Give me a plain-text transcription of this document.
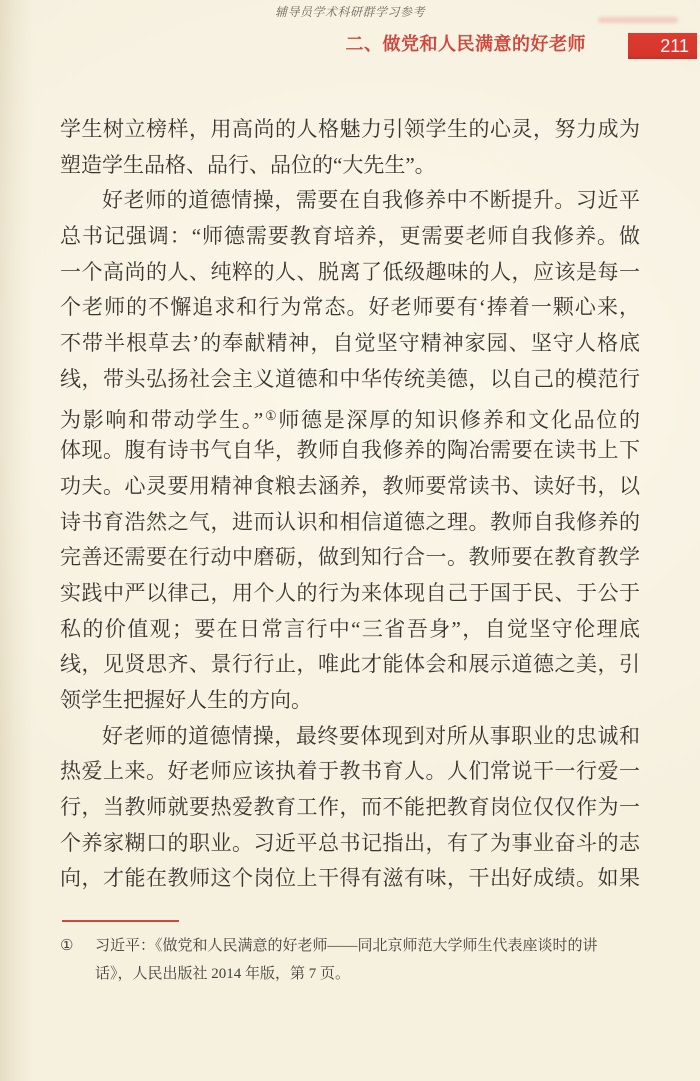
辅导员学术科研群学习参考
二、做党和人民满意的好老师	211
学生树立榜样，用高尚的人格魅力引领学生的心灵，努力成为
塑造学生品格、品行、品位的“大先生”。
好老师的道德情操，需要在自我修养中不断提升。习近平
总书记强调：“师德需要教育培养，更需要老师自我修养。做
一个高尚的人、纯粹的人、脱离了低级趣味的人，应该是每一
个老师的不懈追求和行为常态。好老师要有‘捧着一颗心来，
不带半根草去’的奉献精神，自觉坚守精神家园、坚守人格底
线，带头弘扬社会主义道德和中华传统美德，以自己的模范行
为影响和带动学生。”①师德是深厚的知识修养和文化品位的
体现。腹有诗书气自华，教师自我修养的陶冶需要在读书上下
功夫。心灵要用精神食粮去涵养，教师要常读书、读好书，以
诗书育浩然之气，进而认识和相信道德之理。教师自我修养的
完善还需要在行动中磨砺，做到知行合一。教师要在教育教学
实践中严以律己，用个人的行为来体现自己于国于民、于公于
私的价值观；要在日常言行中“三省吾身”，自觉坚守伦理底
线，见贤思齐、景行行止，唯此才能体会和展示道德之美，引
领学生把握好人生的方向。
好老师的道德情操，最终要体现到对所从事职业的忠诚和
热爱上来。好老师应该执着于教书育人。人们常说干一行爱一
行，当教师就要热爱教育工作，而不能把教育岗位仅仅作为一
个养家糊口的职业。习近平总书记指出，有了为事业奋斗的志
向，才能在教师这个岗位上干得有滋有味，干出好成绩。如果
①	习近平：《做党和人民满意的好老师——同北京师范大学师生代表座谈时的讲
话》，人民出版社 2014 年版，第 7 页。
